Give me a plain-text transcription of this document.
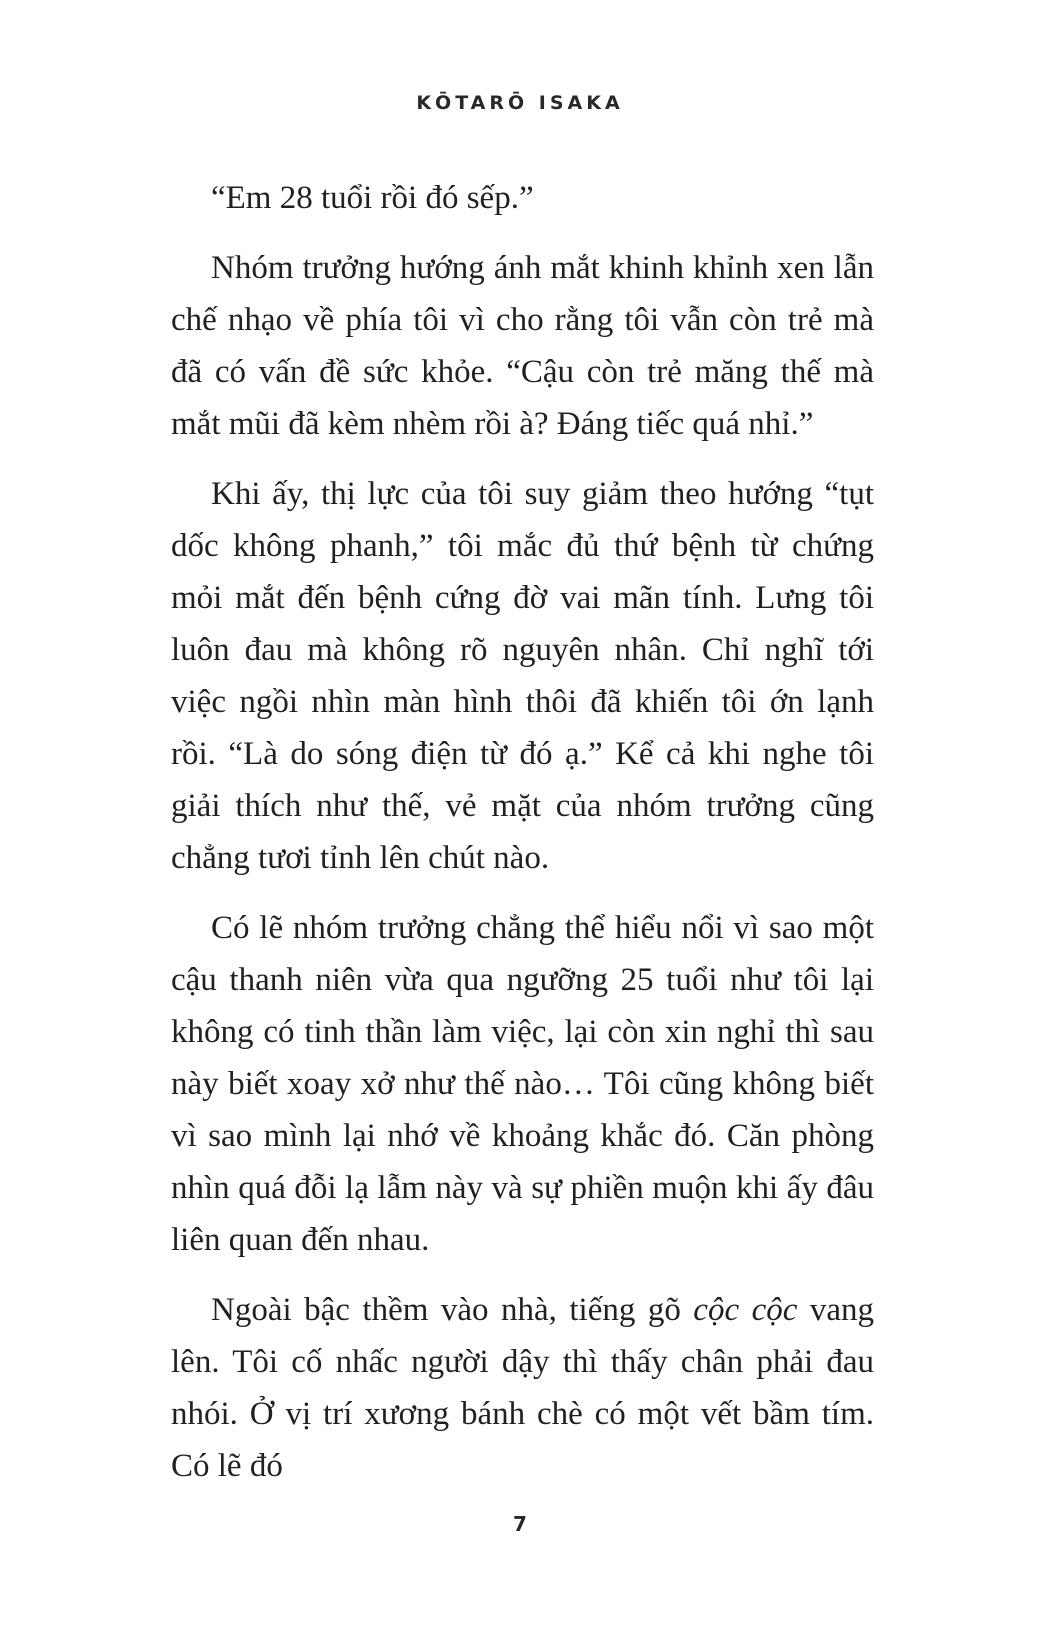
KŌTARŌ ISAKA

“Em 28 tuổi rồi đó sếp.”

Nhóm trưởng hướng ánh mắt khinh khỉnh xen lẫn chế nhạo về phía tôi vì cho rằng tôi vẫn còn trẻ mà đã có vấn đề sức khỏe. “Cậu còn trẻ măng thế mà mắt mũi đã kèm nhèm rồi à? Đáng tiếc quá nhỉ.”

Khi ấy, thị lực của tôi suy giảm theo hướng “tụt dốc không phanh,” tôi mắc đủ thứ bệnh từ chứng mỏi mắt đến bệnh cứng đờ vai mãn tính. Lưng tôi luôn đau mà không rõ nguyên nhân. Chỉ nghĩ tới việc ngồi nhìn màn hình thôi đã khiến tôi ớn lạnh rồi. “Là do sóng điện từ đó ạ.” Kể cả khi nghe tôi giải thích như thế, vẻ mặt của nhóm trưởng cũng chẳng tươi tỉnh lên chút nào.

Có lẽ nhóm trưởng chẳng thể hiểu nổi vì sao một cậu thanh niên vừa qua ngưỡng 25 tuổi như tôi lại không có tinh thần làm việc, lại còn xin nghỉ thì sau này biết xoay xở như thế nào… Tôi cũng không biết vì sao mình lại nhớ về khoảng khắc đó. Căn phòng nhìn quá đỗi lạ lẫm này và sự phiền muộn khi ấy đâu liên quan đến nhau.

Ngoài bậc thềm vào nhà, tiếng gõ cộc cộc vang lên. Tôi cố nhấc người dậy thì thấy chân phải đau nhói. Ở vị trí xương bánh chè có một vết bầm tím. Có lẽ đó

7
